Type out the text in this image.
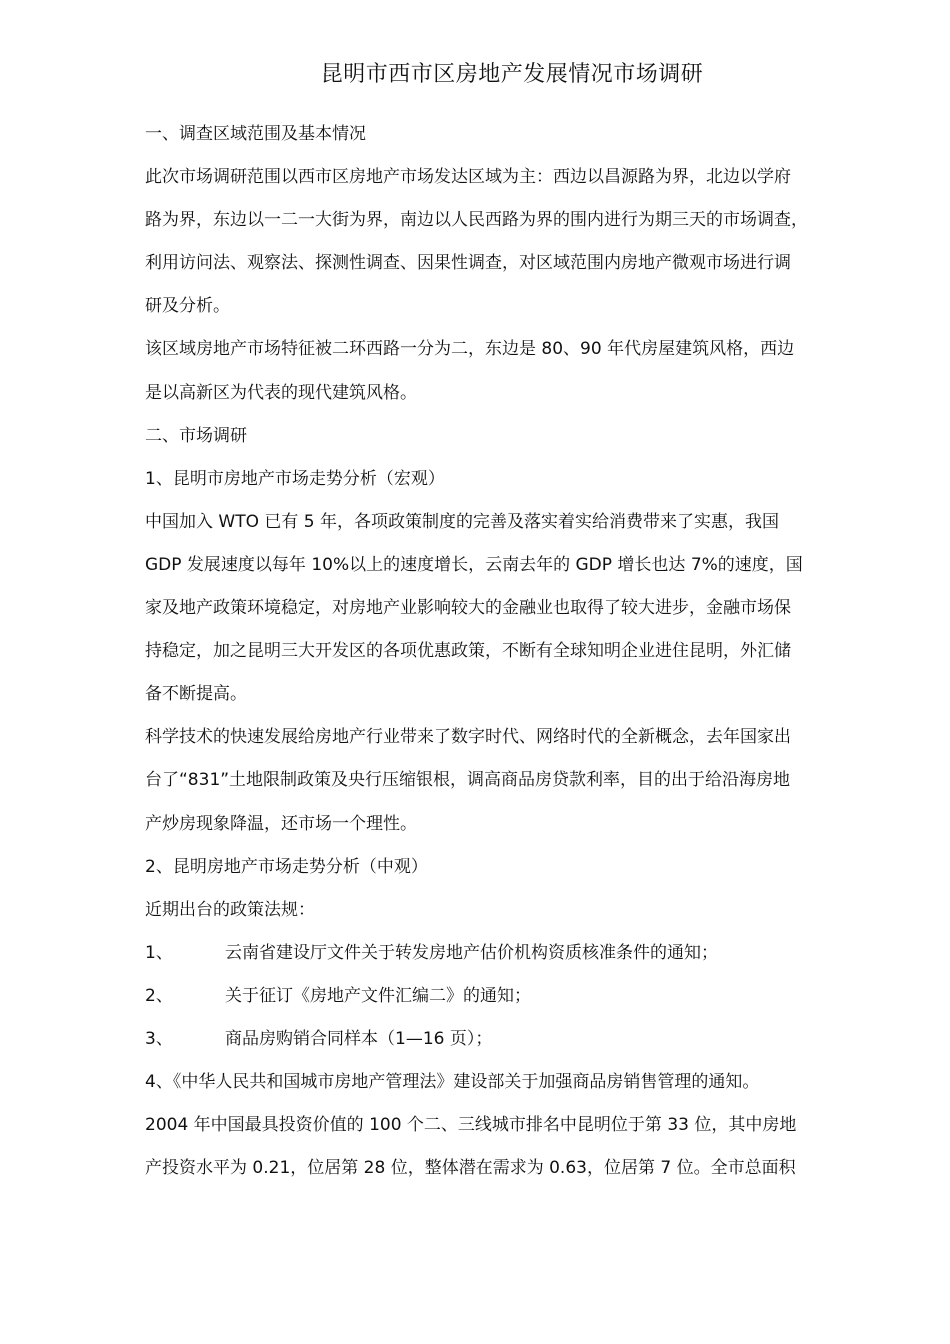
昆明市西市区房地产发展情况市场调研
一、调查区域范围及基本情况
此次市场调研范围以西市区房地产市场发达区域为主：西边以昌源路为界，北边以学府
路为界，东边以一二一大街为界，南边以人民西路为界的围内进行为期三天的市场调查，
利用访问法、观察法、探测性调查、因果性调查，对区域范围内房地产微观市场进行调
研及分析。
该区域房地产市场特征被二环西路一分为二，东边是 80、90 年代房屋建筑风格，西边
是以高新区为代表的现代建筑风格。
二、市场调研
1、昆明市房地产市场走势分析（宏观）
中国加入 WTO 已有 5 年，各项政策制度的完善及落实着实给消费带来了实惠，我国
GDP 发展速度以每年 10%以上的速度增长，云南去年的 GDP 增长也达 7%的速度，国
家及地产政策环境稳定，对房地产业影响较大的金融业也取得了较大进步，金融市场保
持稳定，加之昆明三大开发区的各项优惠政策，不断有全球知明企业进住昆明，外汇储
备不断提高。
科学技术的快速发展给房地产行业带来了数字时代、网络时代的全新概念，去年国家出
台了“831”土地限制政策及央行压缩银根，调高商品房贷款利率，目的出于给沿海房地
产炒房现象降温，还市场一个理性。
2、昆明房地产市场走势分析（中观）
近期出台的政策法规：
1、	云南省建设厅文件关于转发房地产估价机构资质核准条件的通知；
2、	关于征订《房地产文件汇编二》的通知；
3、	商品房购销合同样本（1—16 页）；
4、《中华人民共和国城市房地产管理法》建设部关于加强商品房销售管理的通知。
2004 年中国最具投资价值的 100 个二、三线城市排名中昆明位于第 33 位，其中房地
产投资水平为 0.21，位居第 28 位，整体潜在需求为 0.63，位居第 7 位。全市总面积
